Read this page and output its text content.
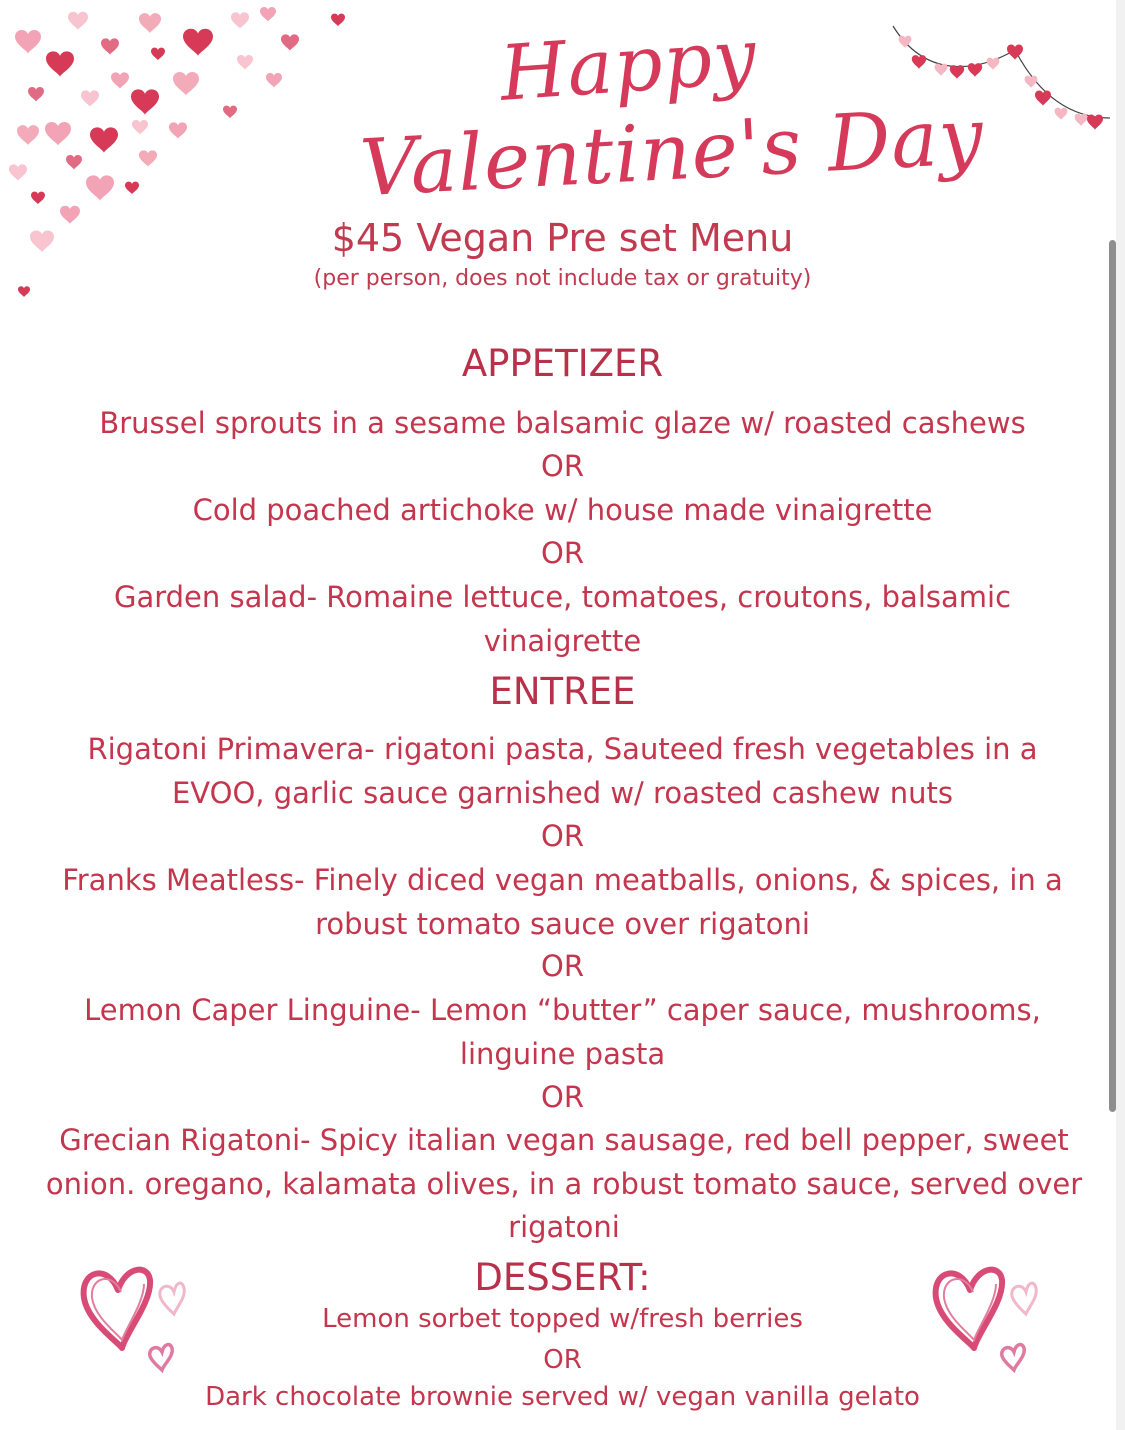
Happy
Valentine's Day
$45 Vegan Pre set Menu
(per person, does not include tax or gratuity)
APPETIZER
Brussel sprouts in a sesame balsamic glaze w/ roasted cashews
OR
Cold poached artichoke w/ house made vinaigrette
OR
Garden salad- Romaine lettuce, tomatoes, croutons, balsamic vinaigrette
ENTREE
Rigatoni Primavera- rigatoni pasta, Sauteed fresh vegetables in a EVOO, garlic sauce garnished w/ roasted cashew nuts
OR
Franks Meatless- Finely diced vegan meatballs, onions, & spices, in a robust tomato sauce over rigatoni
OR
Lemon Caper Linguine- Lemon “butter” caper sauce, mushrooms, linguine pasta
OR
Grecian Rigatoni- Spicy italian vegan sausage, red bell pepper, sweet onion. oregano, kalamata olives, in a robust tomato sauce, served over rigatoni
DESSERT:
Lemon sorbet topped w/fresh berries
OR
Dark chocolate brownie served w/ vegan vanilla gelato
